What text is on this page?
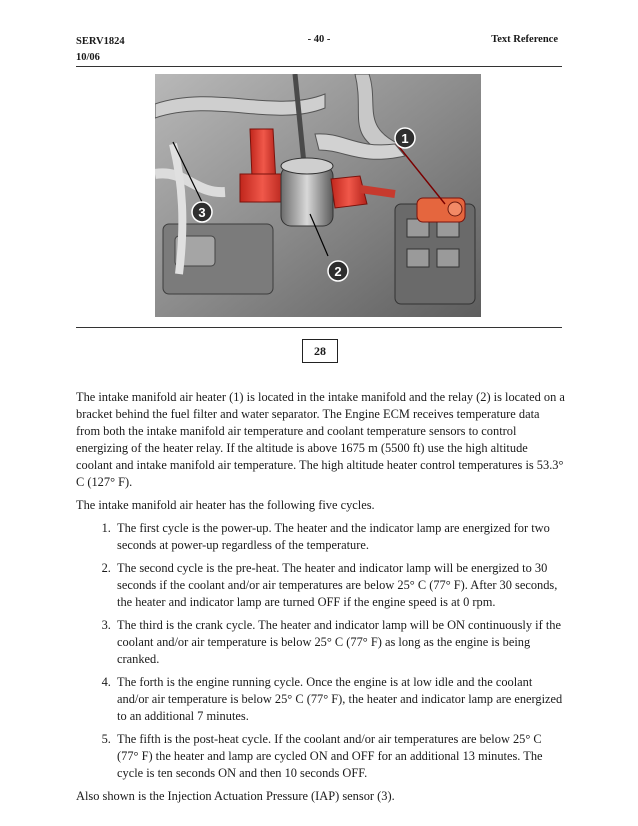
SERV1824
10/06
- 40 -	Text Reference
1
2
3
28

The intake manifold air heater (1) is located in the intake manifold and the relay (2) is located on a bracket behind the fuel filter and water separator. The Engine ECM receives temperature data from both the intake manifold air temperature and coolant temperature sensors to control energizing of the heater relay. If the altitude is above 1675 m (5500 ft) use the high altitude coolant and intake manifold air temperature. The high altitude heater control temperatures is 53.3° C (127° F).

The intake manifold air heater has the following five cycles.

1. The first cycle is the power-up. The heater and the indicator lamp are energized for two seconds at power-up regardless of the temperature.
2. The second cycle is the pre-heat. The heater and indicator lamp will be energized to 30 seconds if the coolant and/or air temperatures are below 25° C (77° F). After 30 seconds, the heater and indicator lamp are turned OFF if the engine speed is at 0 rpm.
3. The third is the crank cycle. The heater and indicator lamp will be ON continuously if the coolant and/or air temperature is below 25° C (77° F) as long as the engine is being cranked.
4. The forth is the engine running cycle. Once the engine is at low idle and the coolant and/or air temperature is below 25° C (77° F), the heater and indicator lamp are energized to an additional 7 minutes.
5. The fifth is the post-heat cycle. If the coolant and/or air temperatures are below 25° C (77° F) the heater and lamp are cycled ON and OFF for an additional 13 minutes. The cycle is ten seconds ON and then 10 seconds OFF.

Also shown is the Injection Actuation Pressure (IAP) sensor (3).
